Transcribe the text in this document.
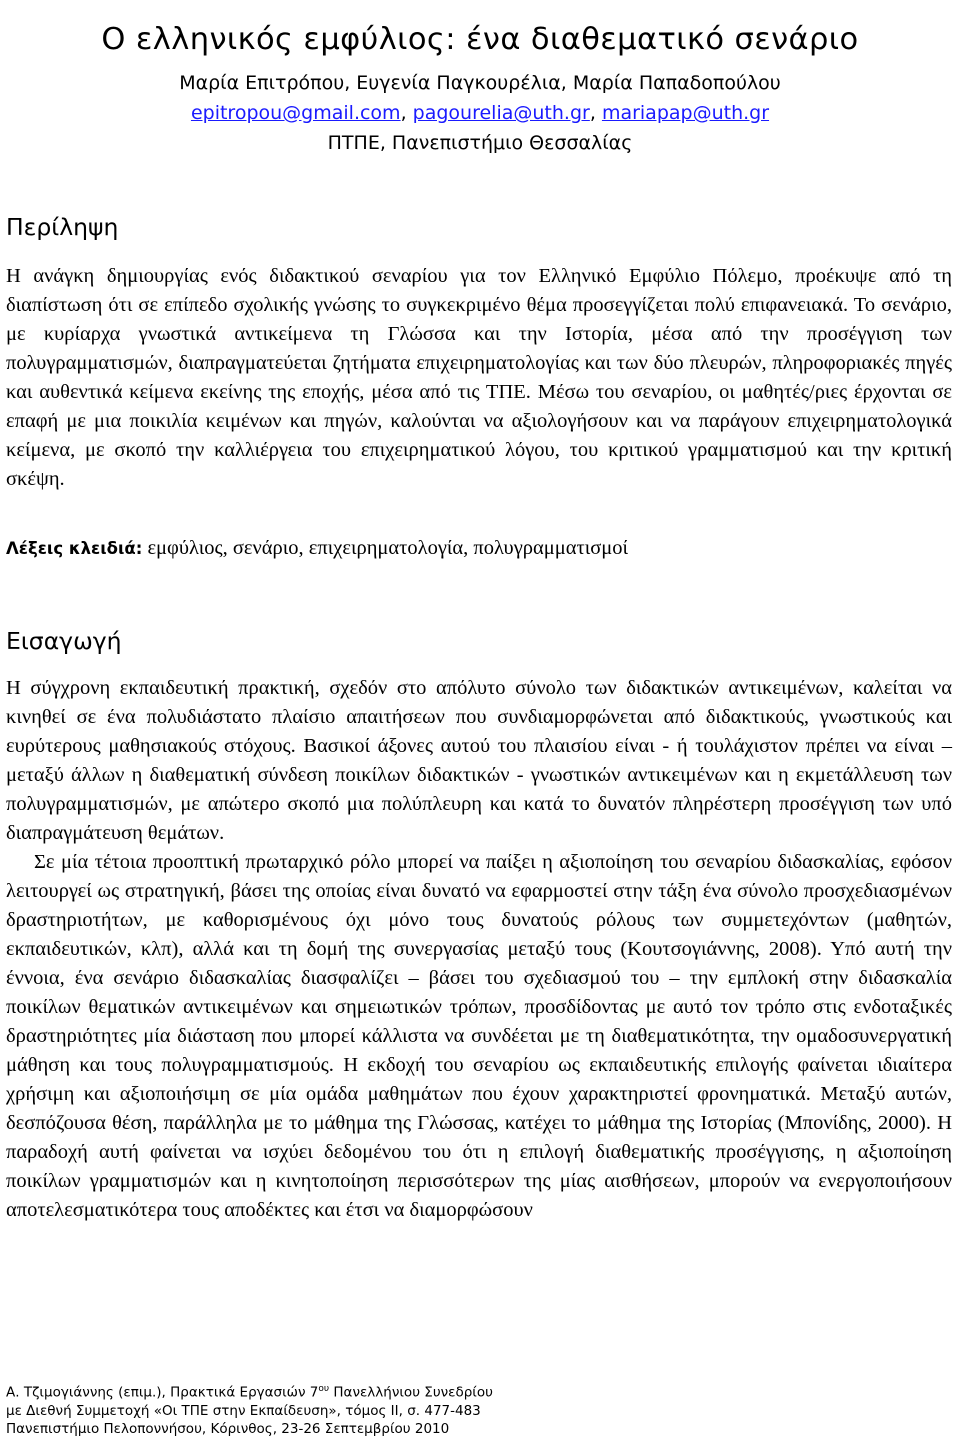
Ο ελληνικός εμφύλιος: ένα διαθεματικό σενάριο
Μαρία Επιτρόπου, Ευγενία Παγκουρέλια, Μαρία Παπαδοπούλου
epitropou@gmail.com, pagourelia@uth.gr, mariapap@uth.gr
ΠΤΠΕ, Πανεπιστήμιο Θεσσαλίας
Περίληψη

Η ανάγκη δημιουργίας ενός διδακτικού σεναρίου για τον Ελληνικό Εμφύλιο Πόλεμο, προέκυψε από τη διαπίστωση ότι σε επίπεδο σχολικής γνώσης το συγκεκριμένο θέμα προσεγγίζεται πολύ επιφανειακά. Το σενάριο, με κυρίαρχα γνωστικά αντικείμενα τη Γλώσσα και την Ιστορία, μέσα από την προσέγγιση των πολυγραμματισμών, διαπραγματεύεται ζητήματα επιχειρηματολογίας και των δύο πλευρών, πληροφοριακές πηγές και αυθεντικά κείμενα εκείνης της εποχής, μέσα από τις ΤΠΕ. Μέσω του σεναρίου, οι μαθητές/ριες έρχονται σε επαφή με μια ποικιλία κειμένων και πηγών, καλούνται να αξιολογήσουν και να παράγουν επιχειρηματολογικά κείμενα, με σκοπό την καλλιέργεια του επιχειρηματικού λόγου, του κριτικού γραμματισμού και την κριτική σκέψη.

Λέξεις κλειδιά: εμφύλιος, σενάριο, επιχειρηματολογία, πολυγραμματισμοί
Εισαγωγή

Η σύγχρονη εκπαιδευτική πρακτική, σχεδόν στο απόλυτο σύνολο των διδακτικών αντικειμένων, καλείται να κινηθεί σε ένα πολυδιάστατο πλαίσιο απαιτήσεων που συνδιαμορφώνεται από διδακτικούς, γνωστικούς και ευρύτερους μαθησιακούς στόχους. Βασικοί άξονες αυτού του πλαισίου είναι - ή τουλάχιστον πρέπει να είναι – μεταξύ άλλων η διαθεματική σύνδεση ποικίλων διδακτικών - γνωστικών αντικειμένων και η εκμετάλλευση των πολυγραμματισμών, με απώτερο σκοπό μια πολύπλευρη και κατά το δυνατόν πληρέστερη προσέγγιση των υπό διαπραγμάτευση θεμάτων.

Σε μία τέτοια προοπτική πρωταρχικό ρόλο μπορεί να παίξει η αξιοποίηση του σεναρίου διδασκαλίας, εφόσον λειτουργεί ως στρατηγική, βάσει της οποίας είναι δυνατό να εφαρμοστεί στην τάξη ένα σύνολο προσχεδιασμένων δραστηριοτήτων, με καθορισμένους όχι μόνο τους δυνατούς ρόλους των συμμετεχόντων (μαθητών, εκπαιδευτικών, κλπ), αλλά και τη δομή της συνεργασίας μεταξύ τους (Κουτσογιάννης, 2008). Υπό αυτή την έννοια, ένα σενάριο διδασκαλίας διασφαλίζει – βάσει του σχεδιασμού του – την εμπλοκή στην διδασκαλία ποικίλων θεματικών αντικειμένων και σημειωτικών τρόπων, προσδίδοντας με αυτό τον τρόπο στις ενδοταξικές δραστηριότητες μία διάσταση που μπορεί κάλλιστα να συνδέεται με τη διαθεματικότητα, την ομαδοσυνεργατική μάθηση και τους πολυγραμματισμούς. Η εκδοχή του σεναρίου ως εκπαιδευτικής επιλογής φαίνεται ιδιαίτερα χρήσιμη και αξιοποιήσιμη σε μία ομάδα μαθημάτων που έχουν χαρακτηριστεί φρονηματικά. Μεταξύ αυτών, δεσπόζουσα θέση, παράλληλα με το μάθημα της Γλώσσας, κατέχει το μάθημα της Ιστορίας (Μπονίδης, 2000). Η παραδοχή αυτή φαίνεται να ισχύει δεδομένου του ότι η επιλογή διαθεματικής προσέγγισης, η αξιοποίηση ποικίλων γραμματισμών και η κινητοποίηση περισσότερων της μίας αισθήσεων, μπορούν να ενεργοποιήσουν αποτελεσματικότερα τους αποδέκτες και έτσι να διαμορφώσουν

Α. Τζιμογιάννης (επιμ.), Πρακτικά Εργασιών $7^{o\upsilon}$ Πανελλήνιου Συνεδρίου
με Διεθνή Συμμετοχή «Οι ΤΠΕ στην Εκπαίδευση», τόμος ΙΙ, σ. 477-483
Πανεπιστήμιο Πελοποννήσου, Κόρινθος, 23-26 Σεπτεμβρίου 2010
